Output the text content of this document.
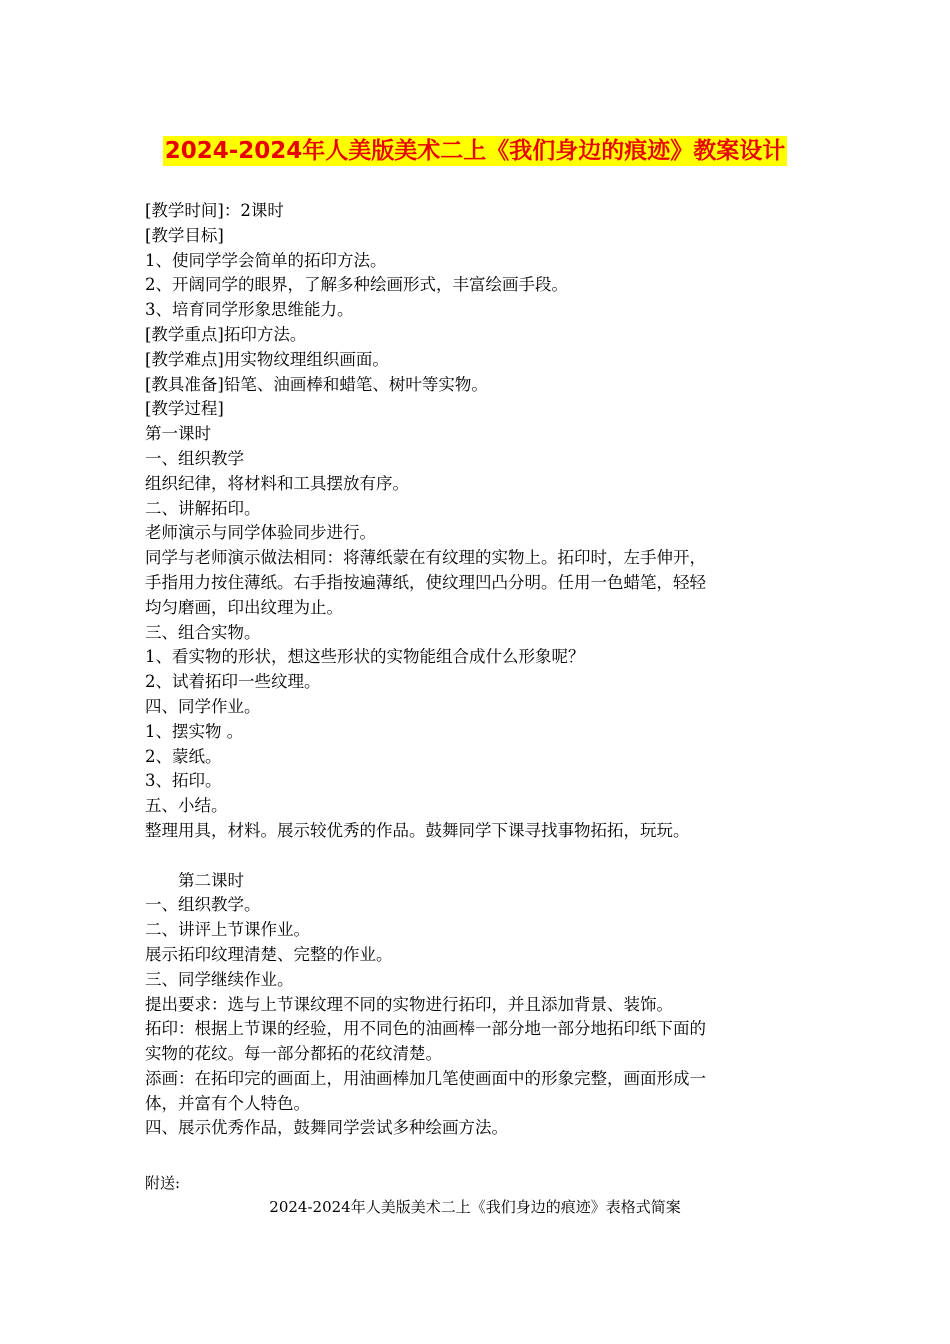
2024-2024年人美版美术二上《我们身边的痕迹》教案设计
[教学时间]：2课时
[教学目标]
1、使同学学会简单的拓印方法。
2、开阔同学的眼界，了解多种绘画形式，丰富绘画手段。
3、培育同学形象思维能力。
[教学重点]拓印方法。
[教学难点]用实物纹理组织画面。
[教具准备]铅笔、油画棒和蜡笔、树叶等实物。
[教学过程]
第一课时
一、组织教学
组织纪律，将材料和工具摆放有序。
二、讲解拓印。
老师演示与同学体验同步进行。
同学与老师演示做法相同：将薄纸蒙在有纹理的实物上。拓印时，左手伸开，
手指用力按住薄纸。右手指按遍薄纸，使纹理凹凸分明。任用一色蜡笔，轻轻
均匀磨画，印出纹理为止。
三、组合实物。
1、看实物的形状，想这些形状的实物能组合成什么形象呢？
2、试着拓印一些纹理。
四、同学作业。
1、摆实物 。
2、蒙纸。
3、拓印。
五、小结。
整理用具，材料。展示较优秀的作品。鼓舞同学下课寻找事物拓拓，玩玩。
第二课时
一、组织教学。
二、讲评上节课作业。
展示拓印纹理清楚、完整的作业。
三、同学继续作业。
提出要求：选与上节课纹理不同的实物进行拓印，并且添加背景、装饰。
拓印：根据上节课的经验，用不同色的油画棒一部分地一部分地拓印纸下面的
实物的花纹。每一部分都拓的花纹清楚。
添画：在拓印完的画面上，用油画棒加几笔使画面中的形象完整，画面形成一
体，并富有个人特色。
四、展示优秀作品，鼓舞同学尝试多种绘画方法。
附送:
2024-2024年人美版美术二上《我们身边的痕迹》表格式简案
